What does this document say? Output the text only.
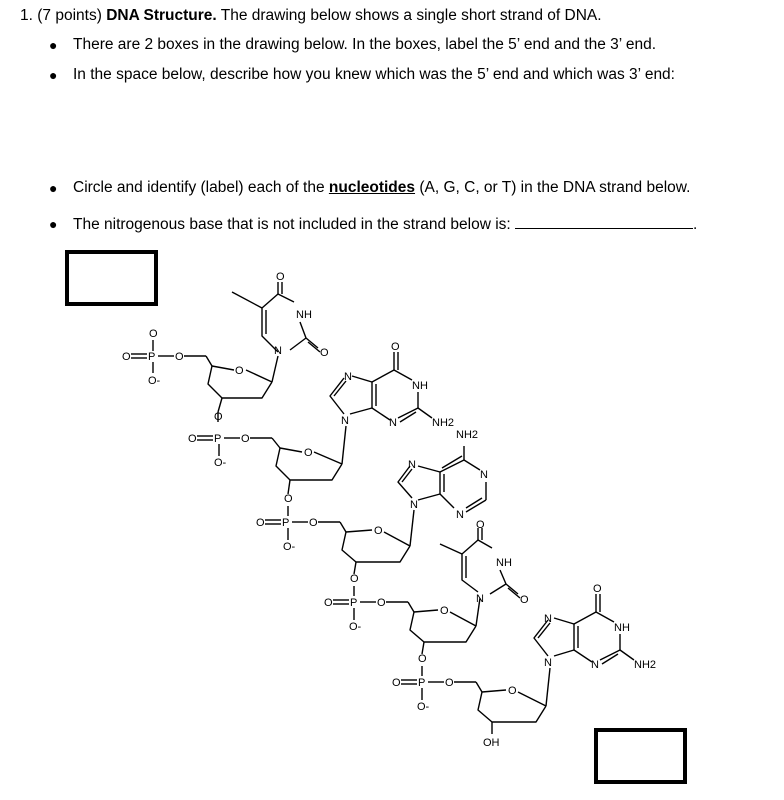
1. (7 points) DNA Structure. The drawing below shows a single short strand of DNA.
● There are 2 boxes in the drawing below. In the boxes, label the 5’ end and the 3’ end.
● In the space below, describe how you knew which was the 5’ end and which was 3’ end:
● Circle and identify (label) each of the nucleotides (A, G, C, or T) in the DNA strand below.
● The nitrogenous base that is not included in the strand below is:	.
O
O P O
O-
O
O
NH
N	O
O
O P O
O-
O
N
N
O
NH
N	NH2
O
O P O
O-
O
NH2
N
N
N
N
O
O P O
O-
O
O
NH
N	O
O
O P O
O-
O
OH
N
N
O
NH
N	NH2
